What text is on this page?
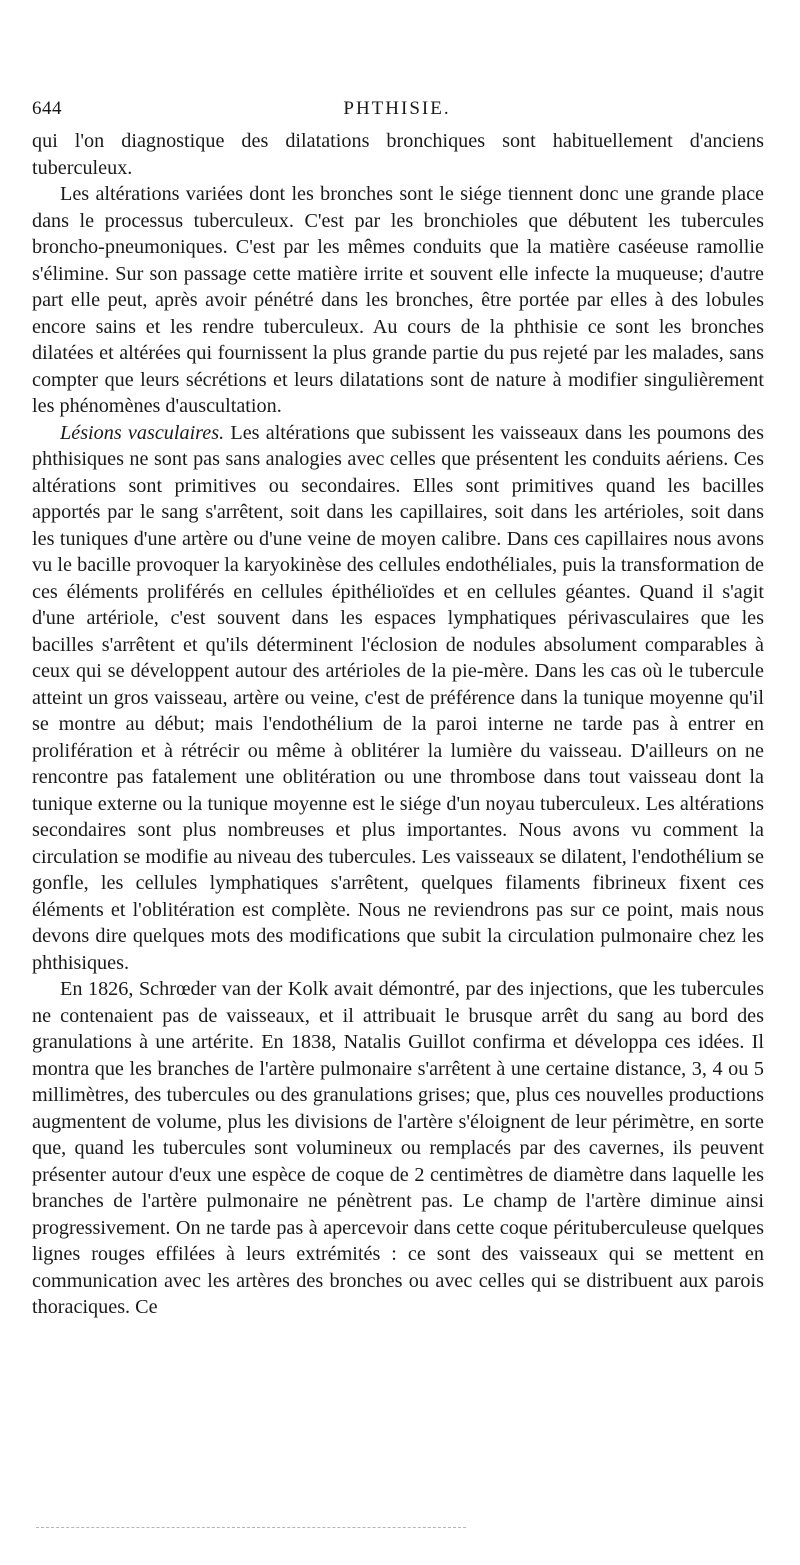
644	PHTHISIE.

qui l'on diagnostique des dilatations bronchiques sont habituellement d'anciens tuberculeux.

Les altérations variées dont les bronches sont le siége tiennent donc une grande place dans le processus tuberculeux. C'est par les bronchioles que débutent les tubercules broncho-pneumoniques. C'est par les mêmes conduits que la matière caséeuse ramollie s'élimine. Sur son passage cette matière irrite et souvent elle infecte la muqueuse; d'autre part elle peut, après avoir pénétré dans les bronches, être portée par elles à des lobules encore sains et les rendre tuberculeux. Au cours de la phthisie ce sont les bronches dilatées et altérées qui fournissent la plus grande partie du pus rejeté par les malades, sans compter que leurs sécrétions et leurs dilatations sont de nature à modifier singulièrement les phénomènes d'auscultation.

Lésions vasculaires. Les altérations que subissent les vaisseaux dans les poumons des phthisiques ne sont pas sans analogies avec celles que présentent les conduits aériens. Ces altérations sont primitives ou secondaires. Elles sont primitives quand les bacilles apportés par le sang s'arrêtent, soit dans les capillaires, soit dans les artérioles, soit dans les tuniques d'une artère ou d'une veine de moyen calibre. Dans ces capillaires nous avons vu le bacille provoquer la karyokinèse des cellules endothéliales, puis la transformation de ces éléments proliférés en cellules épithélioïdes et en cellules géantes. Quand il s'agit d'une artériole, c'est souvent dans les espaces lymphatiques périvasculaires que les bacilles s'arrêtent et qu'ils déterminent l'éclosion de nodules absolument comparables à ceux qui se développent autour des artérioles de la pie-mère. Dans les cas où le tubercule atteint un gros vaisseau, artère ou veine, c'est de préférence dans la tunique moyenne qu'il se montre au début; mais l'endothélium de la paroi interne ne tarde pas à entrer en prolifération et à rétrécir ou même à oblitérer la lumière du vaisseau. D'ailleurs on ne rencontre pas fatalement une oblitération ou une thrombose dans tout vaisseau dont la tunique externe ou la tunique moyenne est le siége d'un noyau tuberculeux. Les altérations secondaires sont plus nombreuses et plus importantes. Nous avons vu comment la circulation se modifie au niveau des tubercules. Les vaisseaux se dilatent, l'endothélium se gonfle, les cellules lymphatiques s'arrêtent, quelques filaments fibrineux fixent ces éléments et l'oblitération est complète. Nous ne reviendrons pas sur ce point, mais nous devons dire quelques mots des modifications que subit la circulation pulmonaire chez les phthisiques.

En 1826, Schrœder van der Kolk avait démontré, par des injections, que les tubercules ne contenaient pas de vaisseaux, et il attribuait le brusque arrêt du sang au bord des granulations à une artérite. En 1838, Natalis Guillot confirma et développa ces idées. Il montra que les branches de l'artère pulmonaire s'arrêtent à une certaine distance, 3, 4 ou 5 millimètres, des tubercules ou des granulations grises; que, plus ces nouvelles productions augmentent de volume, plus les divisions de l'artère s'éloignent de leur périmètre, en sorte que, quand les tubercules sont volumineux ou remplacés par des cavernes, ils peuvent présenter autour d'eux une espèce de coque de 2 centimètres de diamètre dans laquelle les branches de l'artère pulmonaire ne pénètrent pas. Le champ de l'artère diminue ainsi progressivement. On ne tarde pas à apercevoir dans cette coque pérituberculeuse quelques lignes rouges effilées à leurs extrémités : ce sont des vaisseaux qui se mettent en communication avec les artères des bronches ou avec celles qui se distribuent aux parois thoraciques. Ce
